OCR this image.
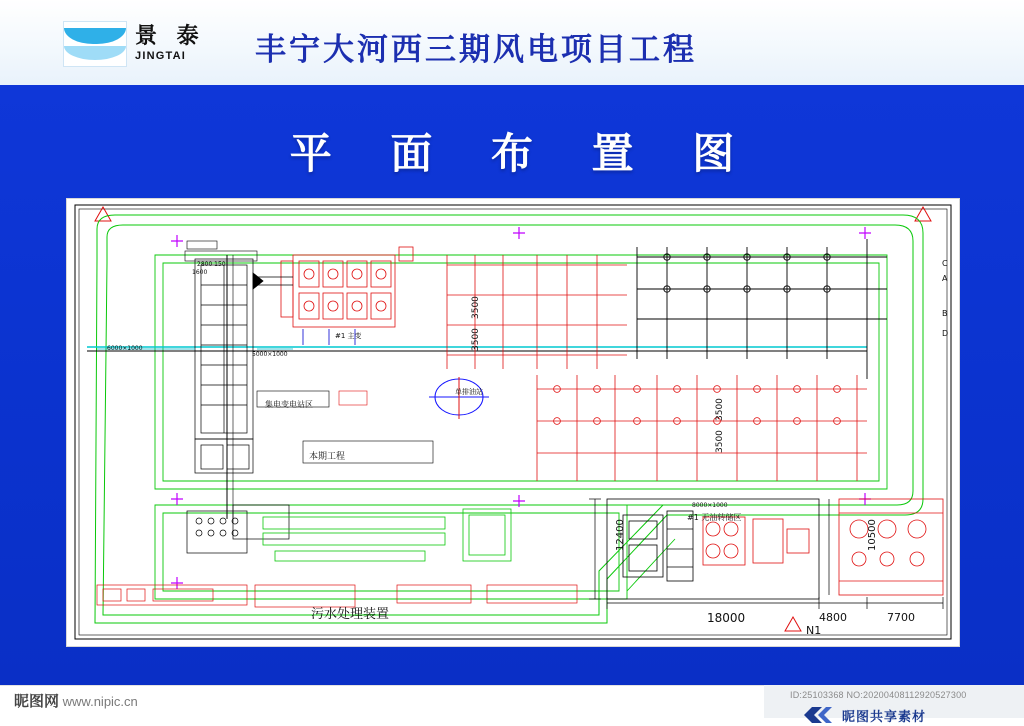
景 泰
JINGTAI	丰宁大河西三期风电项目工程
平 面 布 置 图
3500
3500
3500
3500
12400	10500
18000	4800	7700
N1
污水处理装置
本期工程
集电变电站区
单排油站
#1 无油转储区
8000×1000
6000×1000
5000×1000
2800 150
1600
#1 主变
A
B
C
D
昵图网 www.nipic.cn	ID:25103368 NO:20200408112920527300
昵图共享素材
